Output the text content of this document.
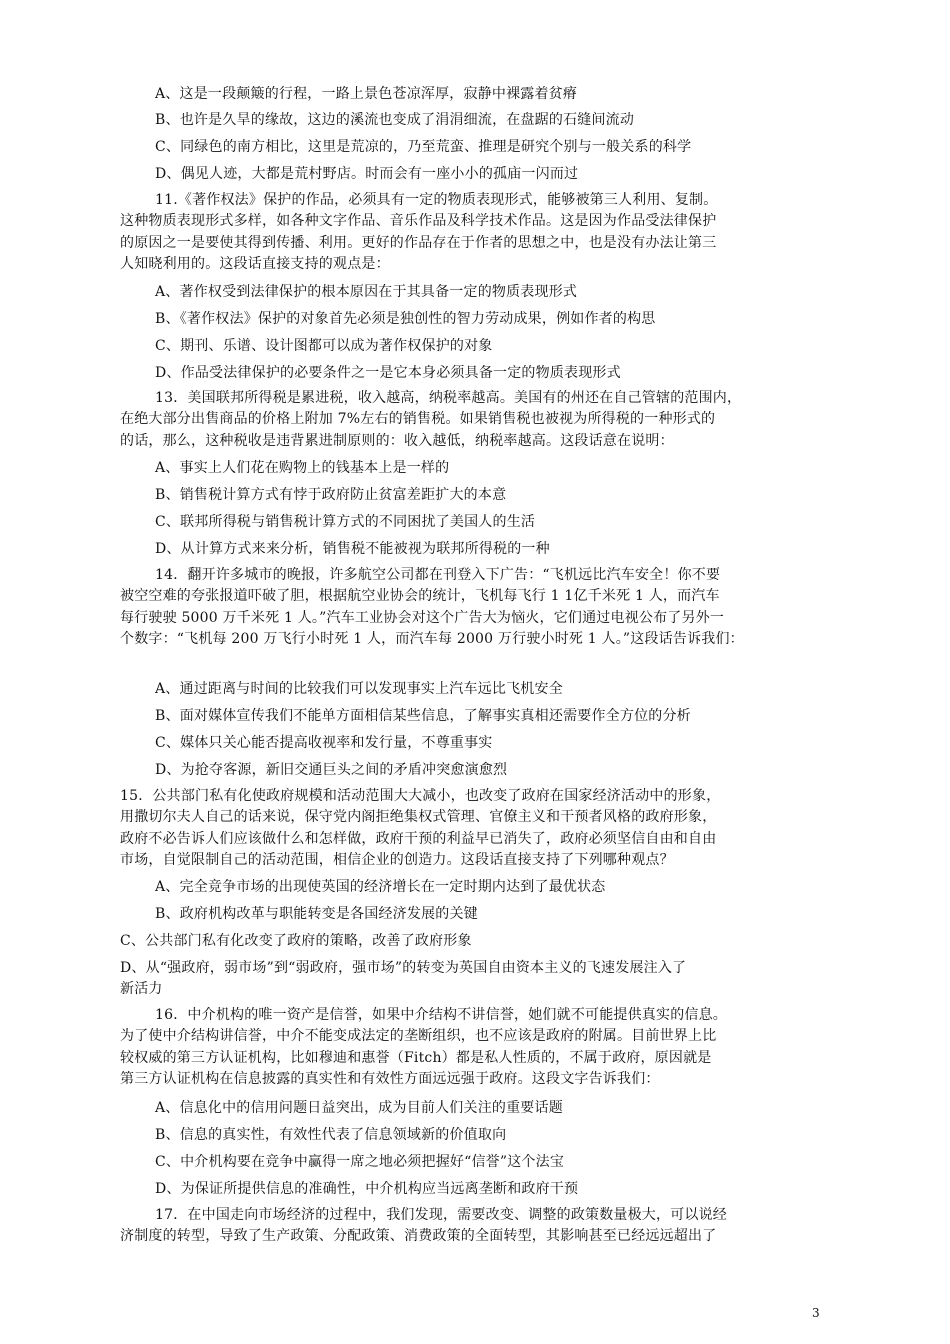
A、这是一段颠簸的行程，一路上景色苍凉浑厚，寂静中裸露着贫瘠
B、也许是久旱的缘故，这边的溪流也变成了涓涓细流，在盘踞的石缝间流动
C、同绿色的南方相比，这里是荒凉的，乃至荒蛮、推理是研究个别与一般关系的科学
D、偶见人迹，大都是荒村野店。时而会有一座小小的孤庙一闪而过
11.《著作权法》保护的作品，必须具有一定的物质表现形式，能够被第三人利用、复制。
这种物质表现形式多样，如各种文字作品、音乐作品及科学技术作品。这是因为作品受法律保护
的原因之一是要使其得到传播、利用。更好的作品存在于作者的思想之中，也是没有办法让第三
人知晓利用的。这段话直接支持的观点是：
A、著作权受到法律保护的根本原因在于其具备一定的物质表现形式
B、《著作权法》保护的对象首先必须是独创性的智力劳动成果，例如作者的构思
C、期刊、乐谱、设计图都可以成为著作权保护的对象
D、作品受法律保护的必要条件之一是它本身必须具备一定的物质表现形式
13．美国联邦所得税是累进税，收入越高，纳税率越高。美国有的州还在自己管辖的范围内，
在绝大部分出售商品的价格上附加 7%左右的销售税。如果销售税也被视为所得税的一种形式的
的话，那么，这种税收是违背累进制原则的：收入越低，纳税率越高。这段话意在说明：
A、事实上人们花在购物上的钱基本上是一样的
B、销售税计算方式有悖于政府防止贫富差距扩大的本意
C、联邦所得税与销售税计算方式的不同困扰了美国人的生活
D、从计算方式来来分析，销售税不能被视为联邦所得税的一种
14．翻开许多城市的晚报，许多航空公司都在刊登入下广告：“飞机远比汽车安全！你不要
被空空难的夸张报道吓破了胆，根据航空业协会的统计，飞机每飞行 1 1亿千米死 1 人，而汽车
每行驶驶 5000 万千米死 1 人。”汽车工业协会对这个广告大为恼火，它们通过电视公布了另外一
个数字：“飞机每 200 万飞行小时死 1 人，而汽车每 2000 万行驶小时死 1 人。”这段话告诉我们：
A、通过距离与时间的比较我们可以发现事实上汽车远比飞机安全
B、面对媒体宣传我们不能单方面相信某些信息，了解事实真相还需要作全方位的分析
C、媒体只关心能否提高收视率和发行量，不尊重事实
D、为抢夺客源，新旧交通巨头之间的矛盾冲突愈演愈烈
15．公共部门私有化使政府规模和活动范围大大减小，也改变了政府在国家经济活动中的形象，
用撒切尔夫人自己的话来说，保守党内阁拒绝集权式管理、官僚主义和干预者风格的政府形象，
政府不必告诉人们应该做什么和怎样做，政府干预的利益早已消失了，政府必须坚信自由和自由
市场，自觉限制自己的活动范围，相信企业的创造力。这段话直接支持了下列哪种观点？
A、完全竞争市场的出现使英国的经济增长在一定时期内达到了最优状态
B、政府机构改革与职能转变是各国经济发展的关键
C、公共部门私有化改变了政府的策略，改善了政府形象
D、从“强政府，弱市场”到“弱政府，强市场”的转变为英国自由资本主义的飞速发展注入了
新活力
16．中介机构的唯一资产是信誉，如果中介结构不讲信誉，她们就不可能提供真实的信息。
为了使中介结构讲信誉，中介不能变成法定的垄断组织，也不应该是政府的附属。目前世界上比
较权威的第三方认证机构，比如穆迪和惠誉（Fitch）都是私人性质的，不属于政府，原因就是
第三方认证机构在信息披露的真实性和有效性方面远远强于政府。这段文字告诉我们：
A、信息化中的信用问题日益突出，成为目前人们关注的重要话题
B、信息的真实性，有效性代表了信息领域新的价值取向
C、中介机构要在竞争中赢得一席之地必须把握好“信誉”这个法宝
D、为保证所提供信息的准确性，中介机构应当远离垄断和政府干预
17．在中国走向市场经济的过程中，我们发现，需要改变、调整的政策数量极大，可以说经
济制度的转型，导致了生产政策、分配政策、消费政策的全面转型，其影响甚至已经远远超出了
3
